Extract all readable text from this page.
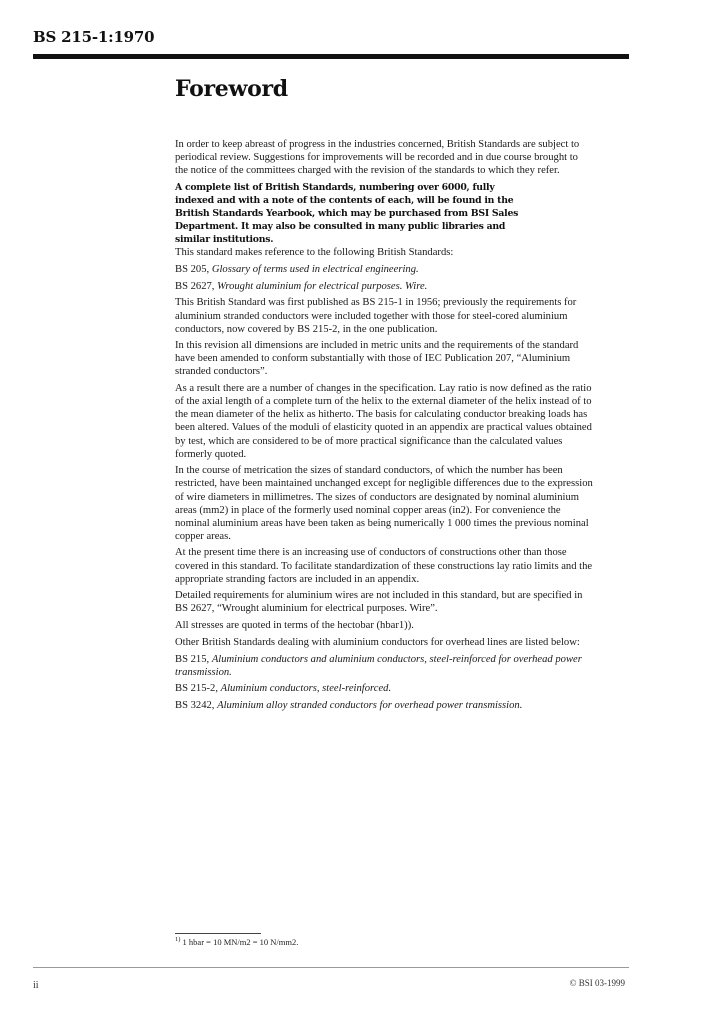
BS 215-1:1970
Foreword

In order to keep abreast of progress in the industries concerned, British Standards are subject to periodical review. Suggestions for improvements will be recorded and in due course brought to the notice of the committees charged with the revision of the standards to which they refer.

A complete list of British Standards, numbering over 6000, fully indexed and with a note of the contents of each, will be found in the British Standards Yearbook, which may be purchased from BSI Sales Department. It may also be consulted in many public libraries and similar institutions.

This standard makes reference to the following British Standards:

BS 205, Glossary of terms used in electrical engineering.

BS 2627, Wrought aluminium for electrical purposes. Wire.

This British Standard was first published as BS 215-1 in 1956; previously the requirements for aluminium stranded conductors were included together with those for steel-cored aluminium conductors, now covered by BS 215-2, in the one publication.

In this revision all dimensions are included in metric units and the requirements of the standard have been amended to conform substantially with those of IEC Publication 207, “Aluminium stranded conductors”.

As a result there are a number of changes in the specification. Lay ratio is now defined as the ratio of the axial length of a complete turn of the helix to the external diameter of the helix instead of to the mean diameter of the helix as hitherto. The basis for calculating conductor breaking loads has been altered. Values of the moduli of elasticity quoted in an appendix are practical values obtained by test, which are considered to be of more practical significance than the calculated values formerly quoted.

In the course of metrication the sizes of standard conductors, of which the number has been restricted, have been maintained unchanged except for negligible differences due to the expression of wire diameters in millimetres. The sizes of conductors are designated by nominal aluminium areas (mm2) in place of the formerly used nominal copper areas (in2). For convenience the nominal aluminium areas have been taken as being numerically 1 000 times the previous nominal copper areas.

At the present time there is an increasing use of conductors of constructions other than those covered in this standard. To facilitate standardization of these constructions lay ratio limits and the appropriate stranding factors are included in an appendix.

Detailed requirements for aluminium wires are not included in this standard, but are specified in BS 2627, “Wrought aluminium for electrical purposes. Wire”.

All stresses are quoted in terms of the hectobar (hbar1)).

Other British Standards dealing with aluminium conductors for overhead lines are listed below:

BS 215, Aluminium conductors and aluminium conductors, steel-reinforced for overhead power transmission.

BS 215-2, Aluminium conductors, steel-reinforced.

BS 3242, Aluminium alloy stranded conductors for overhead power transmission.

$^{1)}$ 1 hbar = 10 MN/m2 = 10 N/mm2.
ii	© BSI 03-1999
